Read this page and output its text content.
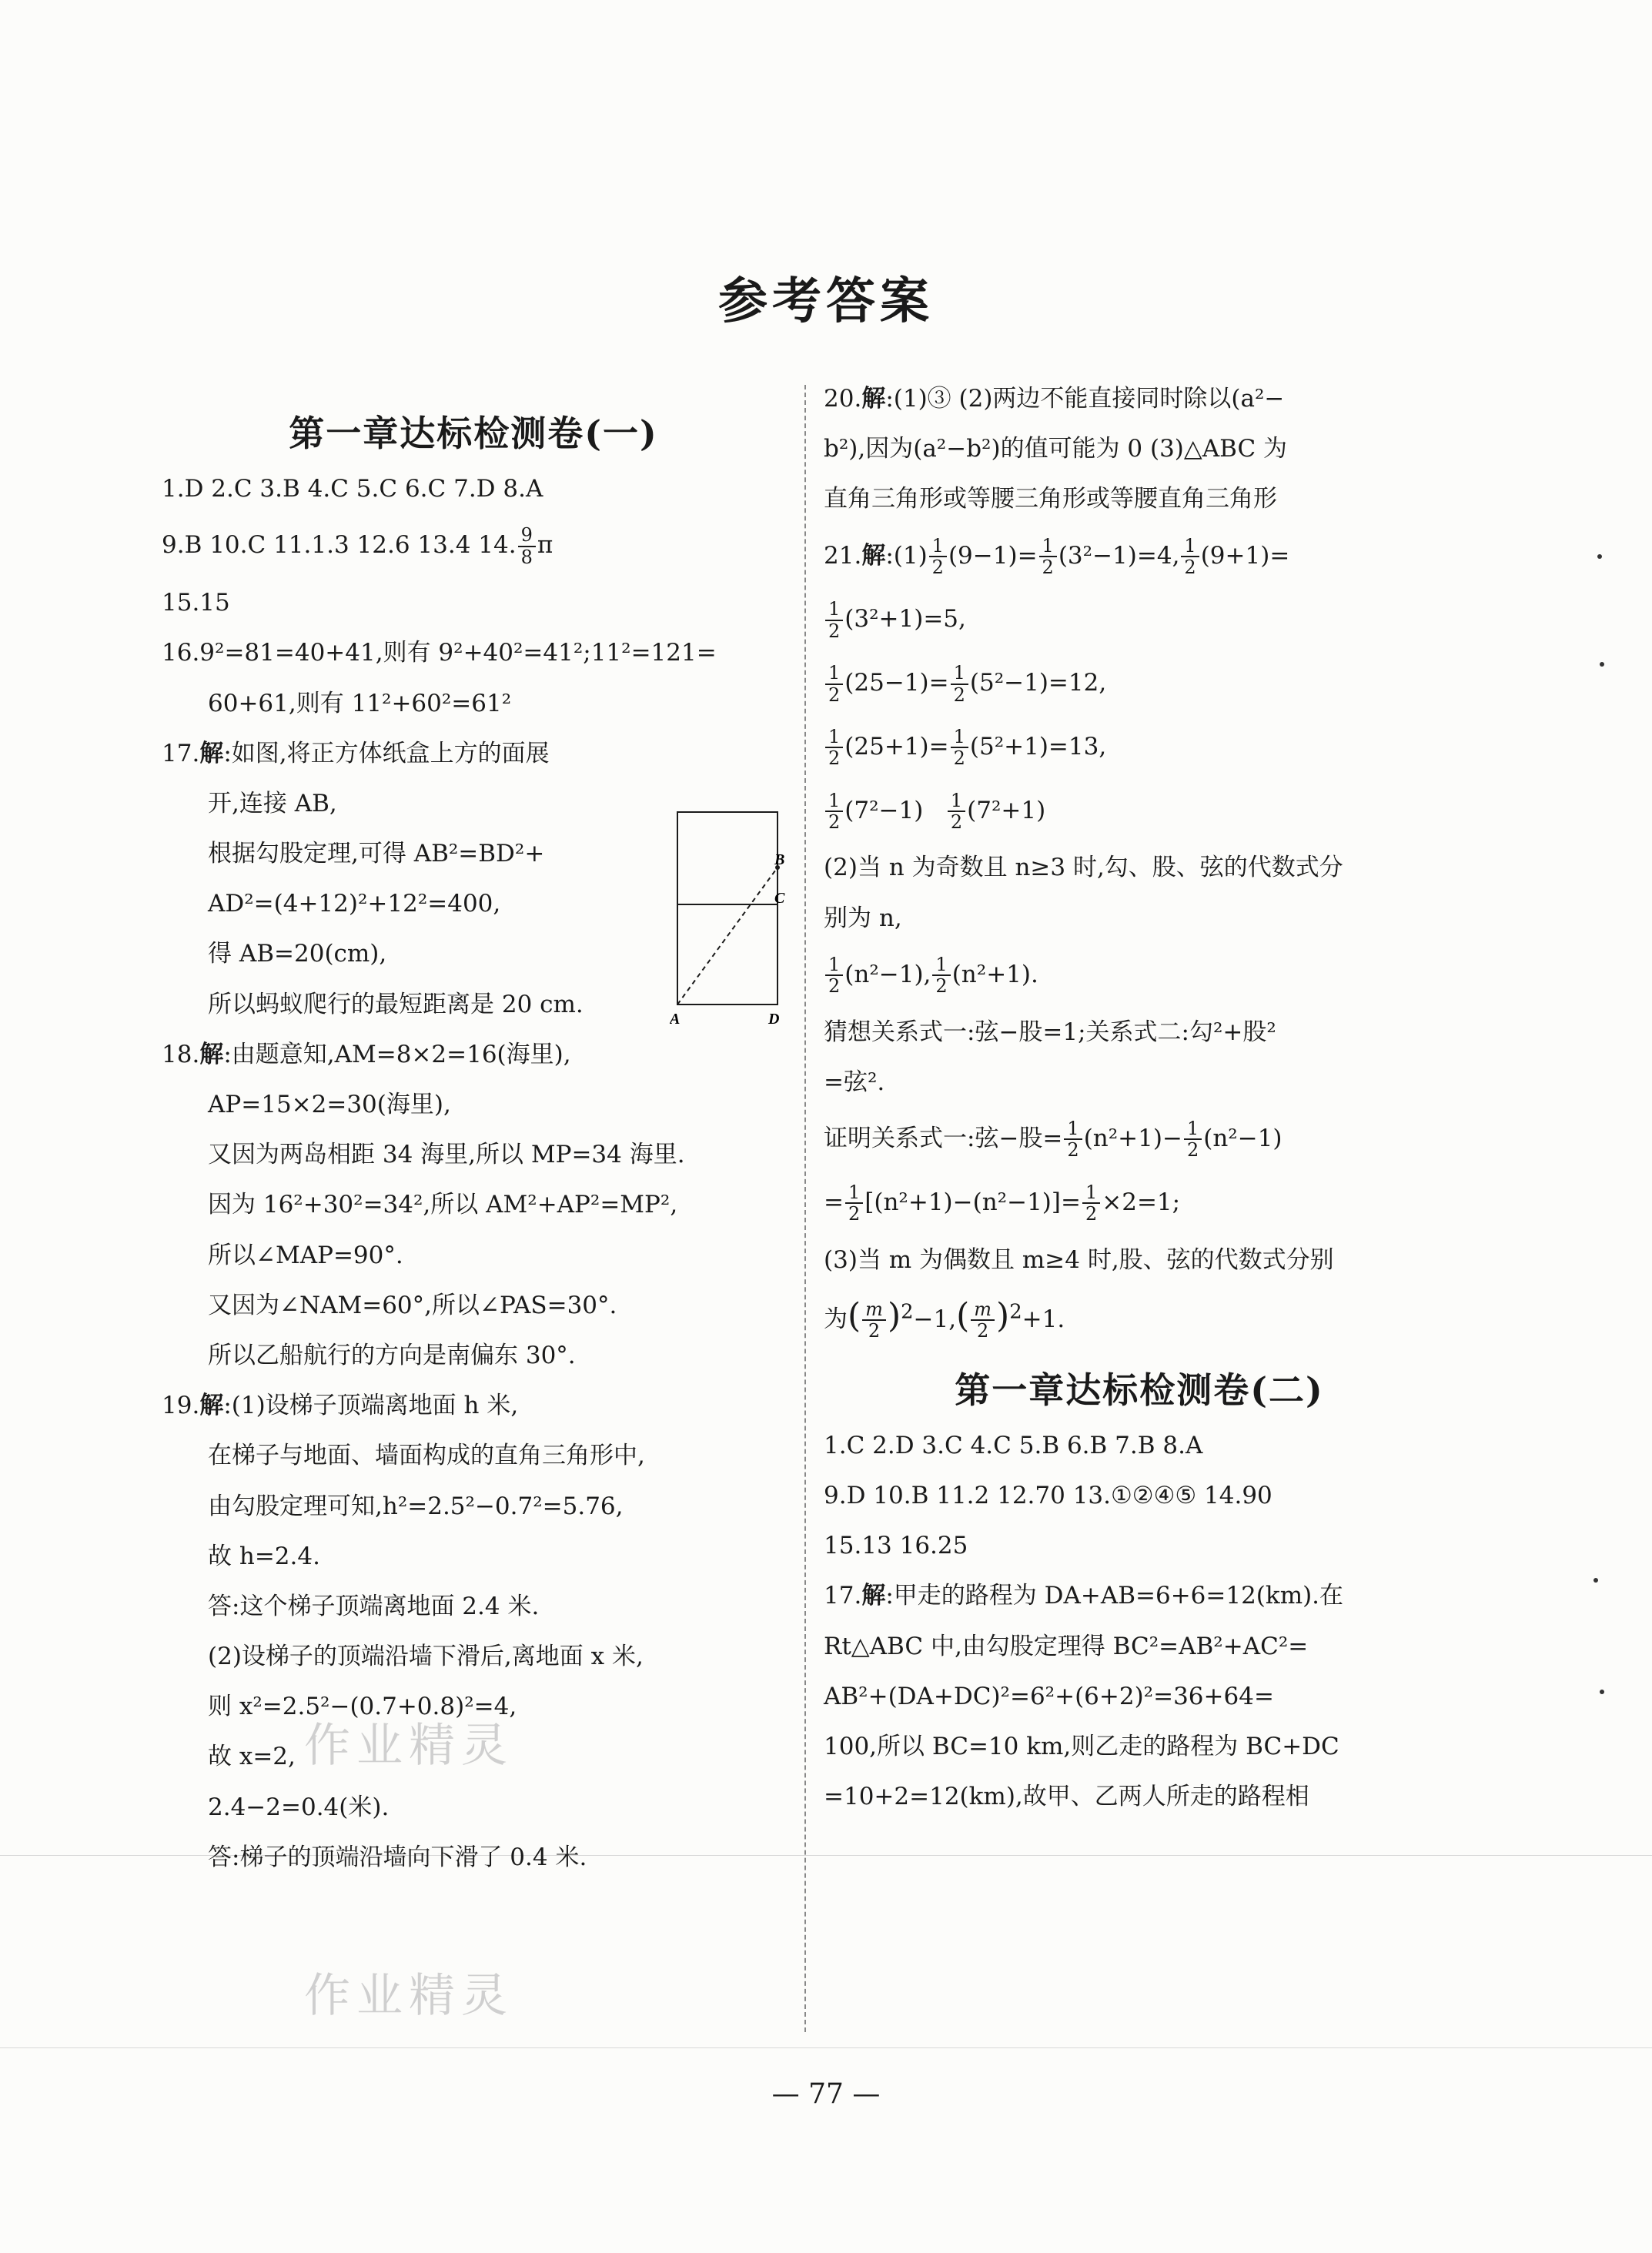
作业精灵
作业精灵
参考答案
第一章达标检测卷(一)
1.D 2.C 3.B 4.C 5.C 6.C 7.D 8.A
9.B 10.C 11.1.3 12.6 13.4 14. $\frac{9}{8}$ π
15.15
16.9²=81=40+41,则有 9²+40²=41²;11²=121=
60+61,则有 11²+60²=61²
17.解:如图,将正方体纸盒上方的面展
开,连接 AB,
根据勾股定理,可得 AB²=BD²+
AD²=(4+12)²+12²=400,
得 AB=20(cm),
所以蚂蚁爬行的最短距离是 20 cm.
18.解:由题意知,AM=8×2=16(海里),
AP=15×2=30(海里),
又因为两岛相距 34 海里,所以 MP=34 海里.
因为 16²+30²=34²,所以 AM²+AP²=MP²,
所以∠MAP=90°.
又因为∠NAM=60°,所以∠PAS=30°.
所以乙船航行的方向是南偏东 30°.
19.解:(1)设梯子顶端离地面 h 米,
在梯子与地面、墙面构成的直角三角形中,
由勾股定理可知,h²=2.5²−0.7²=5.76,
故 h=2.4.
答:这个梯子顶端离地面 2.4 米.
(2)设梯子的顶端沿墙下滑后,离地面 x 米,
则 x²=2.5²−(0.7+0.8)²=4,
故 x=2,
2.4−2=0.4(米).
答:梯子的顶端沿墙向下滑了 0.4 米.
A	D
B
C
20.解:(1)③ (2)两边不能直接同时除以(a²−
b²),因为(a²−b²)的值可能为 0 (3)△ABC 为
直角三角形或等腰三角形或等腰直角三角形
21.解:(1) $\frac{1}{2} (9-1)= \frac{1}{2} (3^2-1)=4$, $\frac{1}{2} (9+1)=$
$\frac{1}{2} (3^2+1)=5$,
$\frac{1}{2} (25-1)= \frac{1}{2} (5^2-1)=12$,
$\frac{1}{2} (25+1)= \frac{1}{2} (5^2+1)=13$,
$\frac{1}{2} (7^2-1) \frac{1}{2} (7^2+1)$
(2)当 n 为奇数且 n≥3 时,勾、股、弦的代数式分
别为 n,
$\frac{1}{2} (n^2-1)$, $\frac{1}{2} (n^2+1)$.
猜想关系式一:弦−股=1;关系式二:勾²+股²
=弦².
证明关系式一:弦−股= $\frac{1}{2} (n^2+1)- \frac{1}{2} (n^2-1)$
= $\frac{1}{2} [(n^2+1)-(n^2-1)]= \frac{1}{2} \times 2=1$;
(3)当 m 为偶数且 m≥4 时,股、弦的代数式分别
为( $\frac{m}{2} )^2-1,( \frac{m}{2} )^2+1$.
第一章达标检测卷(二)
1.C 2.D 3.C 4.C 5.B 6.B 7.B 8.A
9.D 10.B 11.2 12.70 13.①②④⑤ 14.90
15.13 16.25
17.解:甲走的路程为 DA+AB=6+6=12(km).在
Rt△ABC 中,由勾股定理得 BC²=AB²+AC²=
AB²+(DA+DC)²=6²+(6+2)²=36+64=
100,所以 BC=10 km,则乙走的路程为 BC+DC
=10+2=12(km),故甲、乙两人所走的路程相
— 77 —
